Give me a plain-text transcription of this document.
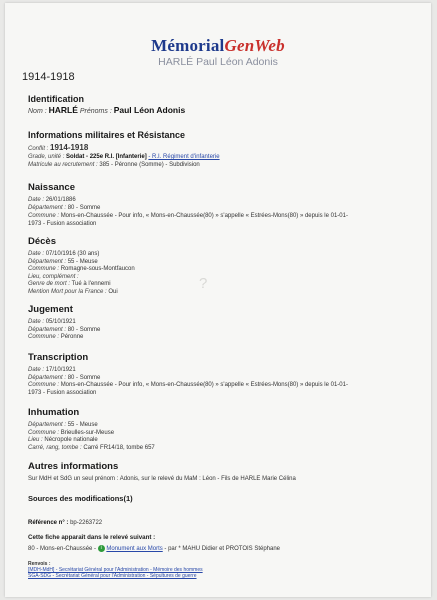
MémorialGenWeb
HARLÉ Paul Léon Adonis
1914-1918
Identification
Nom : HARLÉ Prénoms : Paul Léon Adonis
Informations militaires et Résistance
Conflit : 1914-1918
Grade, unité : Soldat - 225e R.I. [Infanterie] - R.I. Régiment d'infanterie
Matricule au recrutement : 385 - Péronne (Somme) - Subdivision
Naissance
Date : 26/01/1886
Département : 80 - Somme
Commune : Mons-en-Chaussée - Pour info, « Mons-en-Chaussée(80) » s'appelle « Estrées-Mons(80) » depuis le 01-01-
1973 - Fusion association
Décès
Date : 07/10/1916 (30 ans)
Département : 55 - Meuse
Commune : Romagne-sous-Montfaucon
Lieu, complément :
Genre de mort : Tué à l'ennemi
Mention Mort pour la France : Oui	?
Jugement
Date : 05/10/1921
Département : 80 - Somme
Commune : Péronne
Transcription
Date : 17/10/1921
Département : 80 - Somme
Commune : Mons-en-Chaussée - Pour info, « Mons-en-Chaussée(80) » s'appelle « Estrées-Mons(80) » depuis le 01-01-
1973 - Fusion association
Inhumation
Département : 55 - Meuse
Commune : Brieulles-sur-Meuse
Lieu : Nécropole nationale
Carré, rang, tombe : Carré FR14/18, tombe 657
Autres informations
Sur MdH et SdG un seul prénom : Adonis, sur le relevé du MaM : Léon - Fils de HARLE Marie Célina
Sources des modifications(1)
Référence n° : bp-2263722
Cette fiche apparaît dans le relevé suivant :
80 - Mons-en-Chaussée - i Monument aux Morts - par * MAHU Didier et PROTOIS Stéphane
Renvois :
[MDH-MdH] - Secrétariat Général pour l'Administration - Mémoire des hommes
SGA-SDG - Secrétariat Général pour l'Administration - Sépultures de guerre
